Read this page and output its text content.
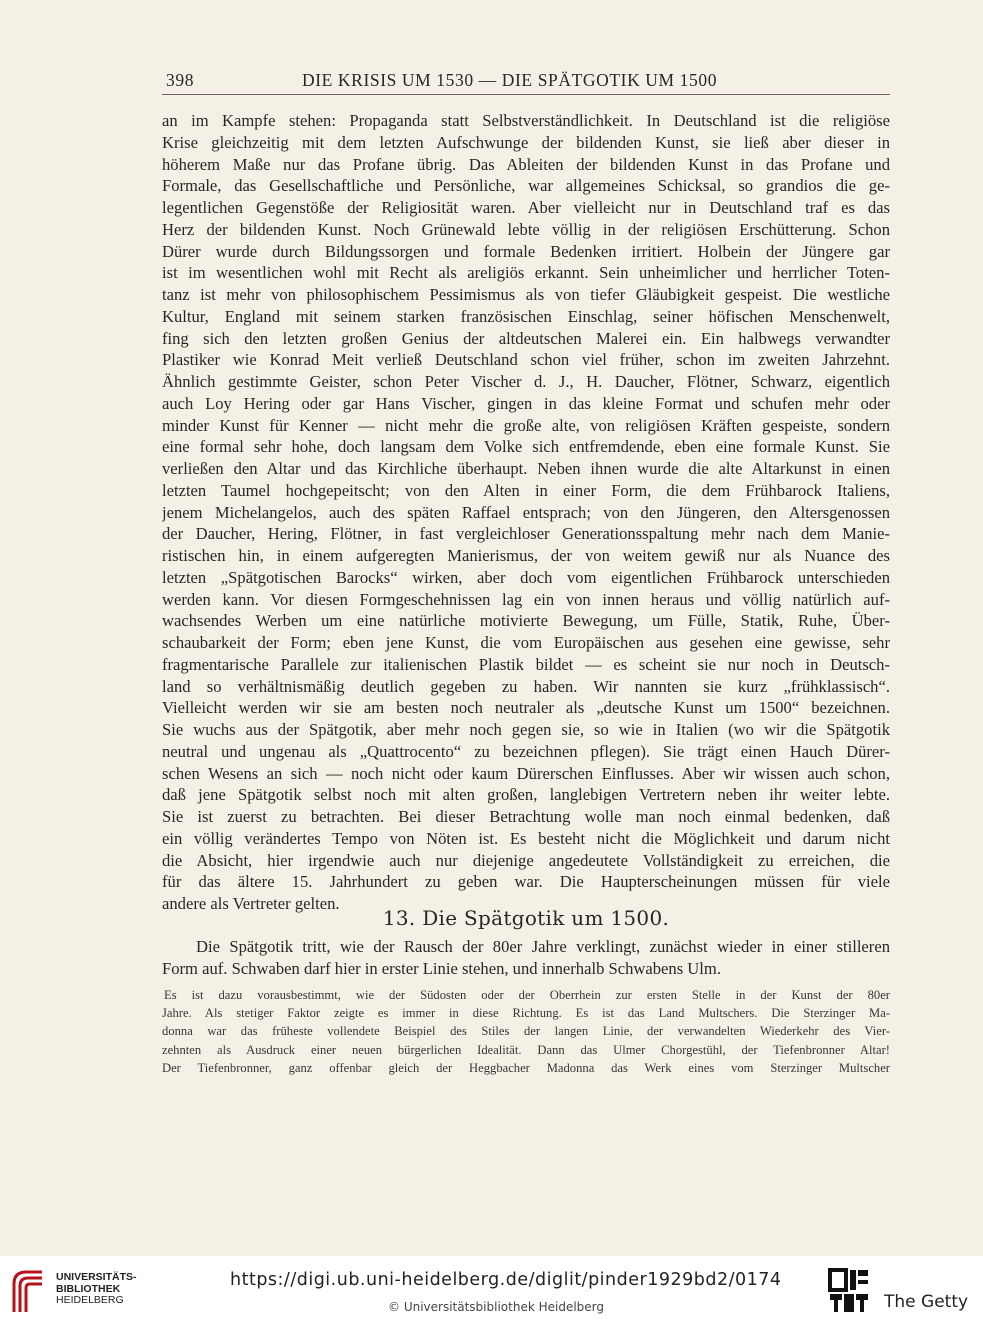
398	DIE KRISIS UM 1530 — DIE SPÄTGOTIK UM 1500
an im Kampfe stehen: Propaganda statt Selbstverständlichkeit. In Deutschland ist die religiöse
Krise gleichzeitig mit dem letzten Aufschwunge der bildenden Kunst, sie ließ aber dieser in
höherem Maße nur das Profane übrig. Das Ableiten der bildenden Kunst in das Profane und
Formale, das Gesellschaftliche und Persönliche, war allgemeines Schicksal, so grandios die ge-
legentlichen Gegenstöße der Religiosität waren. Aber vielleicht nur in Deutschland traf es das
Herz der bildenden Kunst. Noch Grünewald lebte völlig in der religiösen Erschütterung. Schon
Dürer wurde durch Bildungssorgen und formale Bedenken irritiert. Holbein der Jüngere gar
ist im wesentlichen wohl mit Recht als areligiös erkannt. Sein unheimlicher und herrlicher Toten-
tanz ist mehr von philosophischem Pessimismus als von tiefer Gläubigkeit gespeist. Die westliche
Kultur, England mit seinem starken französischen Einschlag, seiner höfischen Menschenwelt,
fing sich den letzten großen Genius der altdeutschen Malerei ein. Ein halbwegs verwandter
Plastiker wie Konrad Meit verließ Deutschland schon viel früher, schon im zweiten Jahrzehnt.
Ähnlich gestimmte Geister, schon Peter Vischer d. J., H. Daucher, Flötner, Schwarz, eigentlich
auch Loy Hering oder gar Hans Vischer, gingen in das kleine Format und schufen mehr oder
minder Kunst für Kenner — nicht mehr die große alte, von religiösen Kräften gespeiste, sondern
eine formal sehr hohe, doch langsam dem Volke sich entfremdende, eben eine formale Kunst. Sie
verließen den Altar und das Kirchliche überhaupt. Neben ihnen wurde die alte Altarkunst in einen
letzten Taumel hochgepeitscht; von den Alten in einer Form, die dem Frühbarock Italiens,
jenem Michelangelos, auch des späten Raffael entsprach; von den Jüngeren, den Altersgenossen
der Daucher, Hering, Flötner, in fast vergleichloser Generationsspaltung mehr nach dem Manie-
ristischen hin, in einem aufgeregten Manierismus, der von weitem gewiß nur als Nuance des
letzten „Spätgotischen Barocks“ wirken, aber doch vom eigentlichen Frühbarock unterschieden
werden kann. Vor diesen Formgeschehnissen lag ein von innen heraus und völlig natürlich auf-
wachsendes Werben um eine natürliche motivierte Bewegung, um Fülle, Statik, Ruhe, Über-
schaubarkeit der Form; eben jene Kunst, die vom Europäischen aus gesehen eine gewisse, sehr
fragmentarische Parallele zur italienischen Plastik bildet — es scheint sie nur noch in Deutsch-
land so verhältnismäßig deutlich gegeben zu haben. Wir nannten sie kurz „frühklassisch“.
Vielleicht werden wir sie am besten noch neutraler als „deutsche Kunst um 1500“ bezeichnen.
Sie wuchs aus der Spätgotik, aber mehr noch gegen sie, so wie in Italien (wo wir die Spätgotik
neutral und ungenau als „Quattrocento“ zu bezeichnen pflegen). Sie trägt einen Hauch Dürer-
schen Wesens an sich — noch nicht oder kaum Dürerschen Einflusses. Aber wir wissen auch schon,
daß jene Spätgotik selbst noch mit alten großen, langlebigen Vertretern neben ihr weiter lebte.
Sie ist zuerst zu betrachten. Bei dieser Betrachtung wolle man noch einmal bedenken, daß
ein völlig verändertes Tempo von Nöten ist. Es besteht nicht die Möglichkeit und darum nicht
die Absicht, hier irgendwie auch nur diejenige angedeutete Vollständigkeit zu erreichen, die
für das ältere 15. Jahrhundert zu geben war. Die Haupterscheinungen müssen für viele
andere als Vertreter gelten.
13. Die Spätgotik um 1500.
Die Spätgotik tritt, wie der Rausch der 80er Jahre verklingt, zunächst wieder in einer stilleren
Form auf. Schwaben darf hier in erster Linie stehen, und innerhalb Schwabens Ulm.
Es ist dazu vorausbestimmt, wie der Südosten oder der Oberrhein zur ersten Stelle in der Kunst der 80er
Jahre. Als stetiger Faktor zeigte es immer in diese Richtung. Es ist das Land Multschers. Die Sterzinger Ma-
donna war das früheste vollendete Beispiel des Stiles der langen Linie, der verwandelten Wiederkehr des Vier-
zehnten als Ausdruck einer neuen bürgerlichen Idealität. Dann das Ulmer Chorgestühl, der Tiefenbronner Altar!
Der Tiefenbronner, ganz offenbar gleich der Heggbacher Madonna das Werk eines vom Sterzinger Multscher
UNIVERSITÄTS-
BIBLIOTHEK
HEIDELBERG
https://digi.ub.uni-heidelberg.de/diglit/pinder1929bd2/0174
© Universitätsbibliothek Heidelberg	The Getty
